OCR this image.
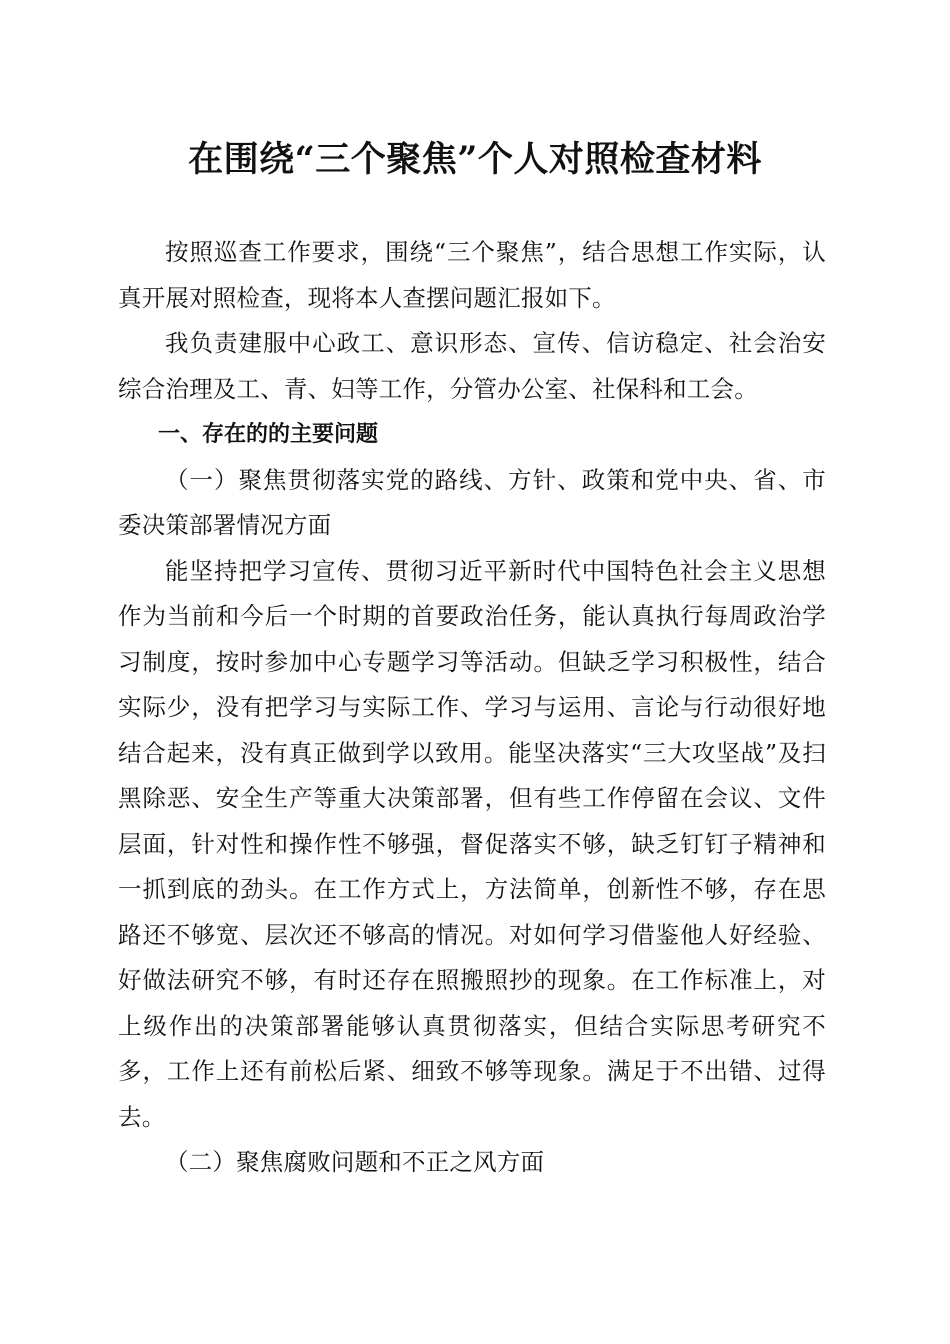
在围绕“三个聚焦”个人对照检查材料

按照巡查工作要求，围绕“三个聚焦”，结合思想工作实际，认真开展对照检查，现将本人查摆问题汇报如下。

我负责建服中心政工、意识形态、宣传、信访稳定、社会治安综合治理及工、青、妇等工作，分管办公室、社保科和工会。

一、存在的的主要问题

（一）聚焦贯彻落实党的路线、方针、政策和党中央、省、市委决策部署情况方面

能坚持把学习宣传、贯彻习近平新时代中国特色社会主义思想作为当前和今后一个时期的首要政治任务，能认真执行每周政治学习制度，按时参加中心专题学习等活动。但缺乏学习积极性，结合实际少，没有把学习与实际工作、学习与运用、言论与行动很好地结合起来，没有真正做到学以致用。能坚决落实“三大攻坚战”及扫黑除恶、安全生产等重大决策部署，但有些工作停留在会议、文件层面，针对性和操作性不够强，督促落实不够，缺乏钉钉子精神和一抓到底的劲头。在工作方式上，方法简单，创新性不够，存在思路还不够宽、层次还不够高的情况。对如何学习借鉴他人好经验、好做法研究不够，有时还存在照搬照抄的现象。在工作标准上，对上级作出的决策部署能够认真贯彻落实，但结合实际思考研究不多，工作上还有前松后紧、细致不够等现象。满足于不出错、过得去。

（二）聚焦腐败问题和不正之风方面
